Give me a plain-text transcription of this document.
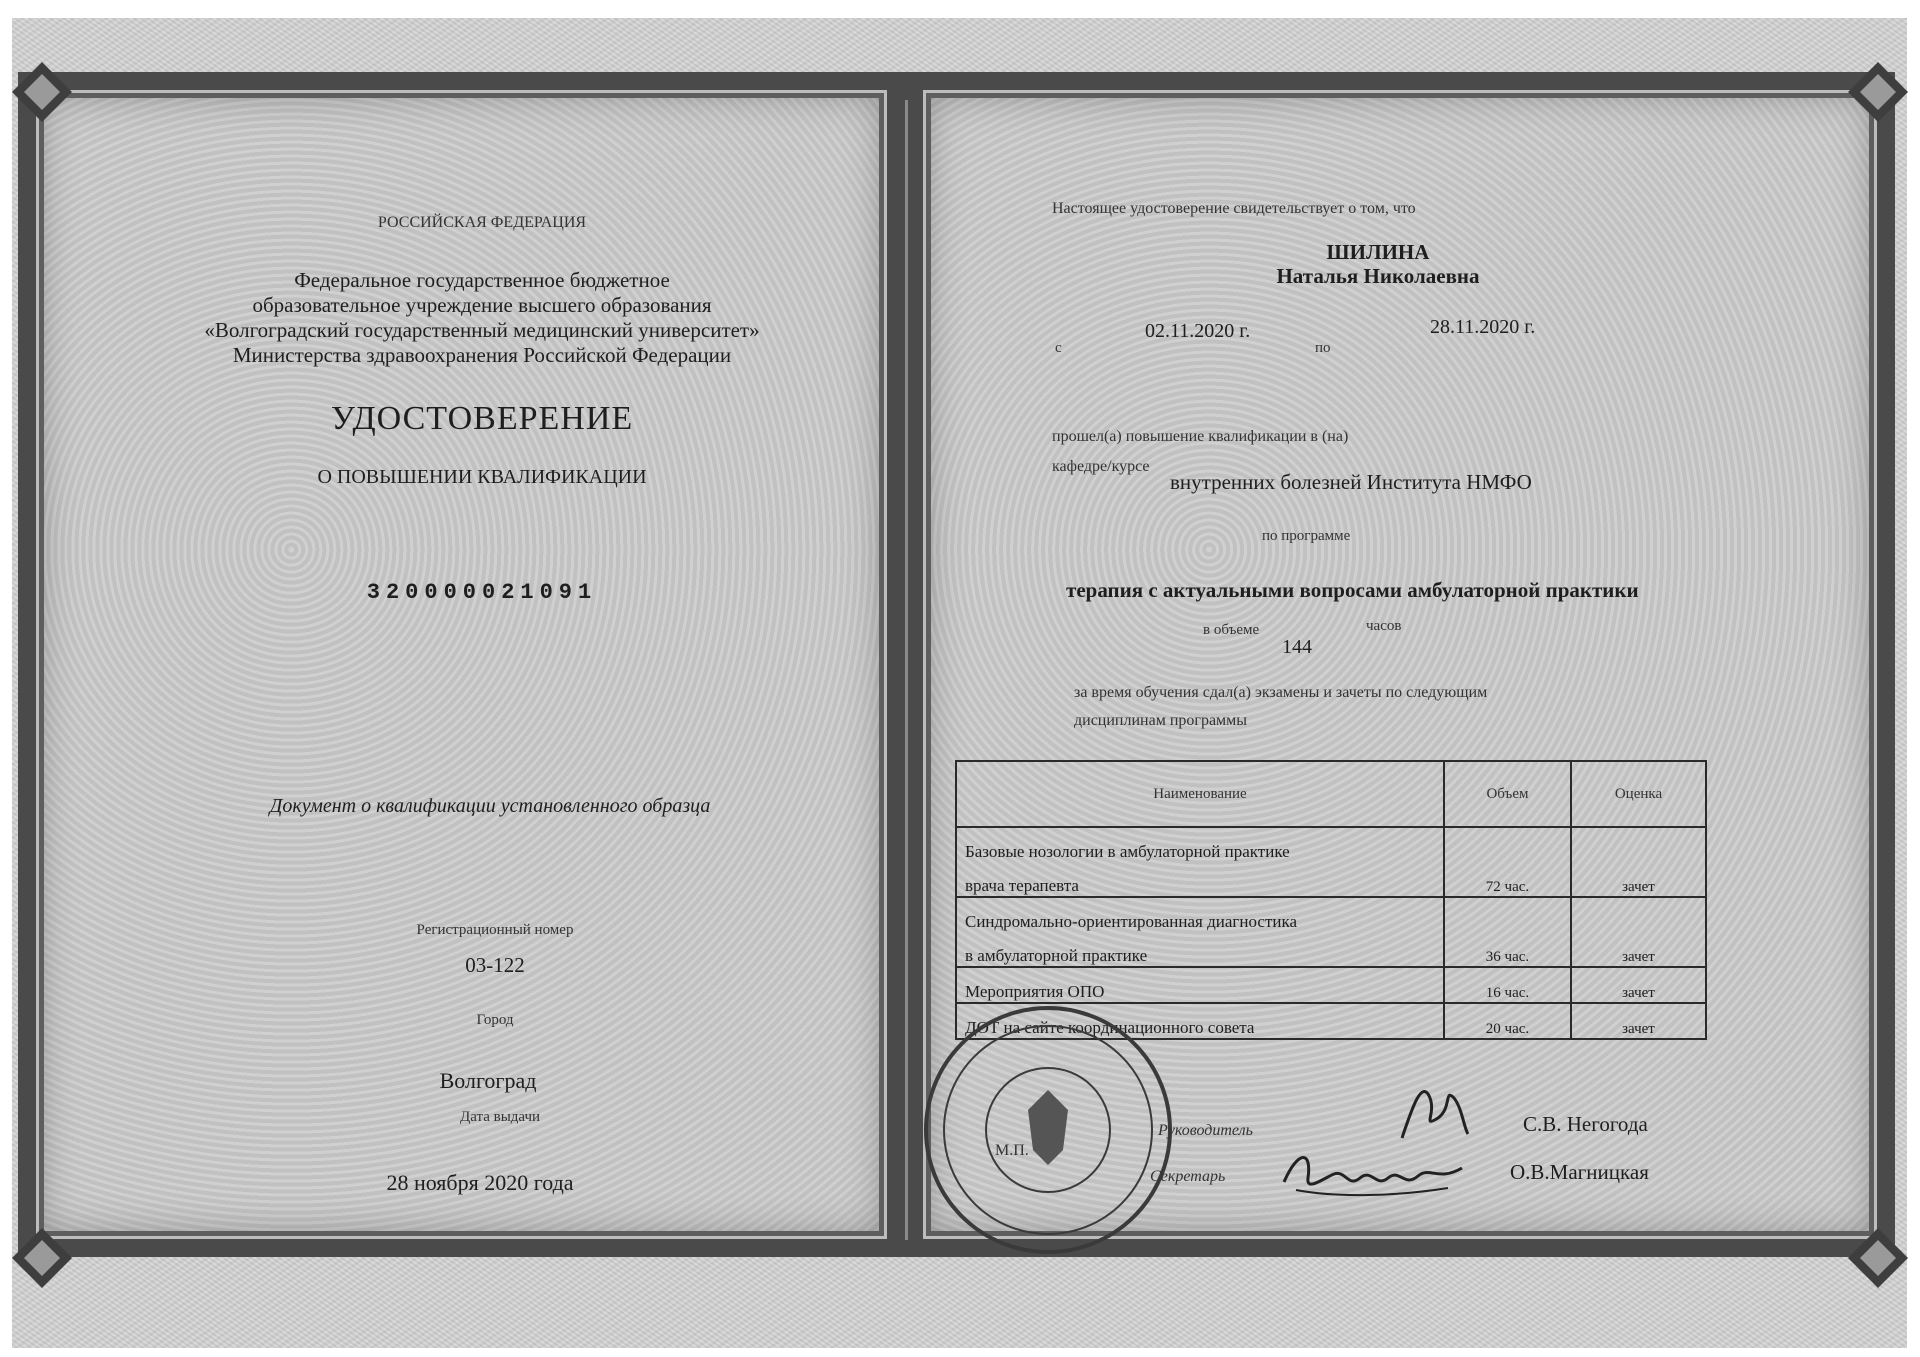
РОССИЙСКАЯ ФЕДЕРАЦИЯ
Федеральное государственное бюджетное
образовательное учреждение высшего образования
«Волгоградский государственный медицинский университет»
Министерства здравоохранения Российской Федерации
УДОСТОВЕРЕНИЕ
О ПОВЫШЕНИИ КВАЛИФИКАЦИИ
320000021091
Документ о квалификации установленного образца
Регистрационный номер
03-122
Город
Волгоград
Дата выдачи
28 ноября 2020 года
Настоящее удостоверение свидетельствует о том, что
ШИЛИНА
Наталья Николаевна
с
02.11.2020 г.
по
28.11.2020 г.
прошел(а) повышение квалификации в (на)
кафедре/курсе
внутренних болезней Института НМФО
по программе
терапия с актуальными вопросами амбулаторной практики
в объеме
144
часов
за время обучения сдал(а) экзамены и зачеты по следующим
дисциплинам программы
Наименование	Объем	Оценка
Базовые нозологии в амбулаторной практике		
врача терапевта	72 час.	зачет
Синдромально-ориентированная диагностика		
в амбулаторной практике	36 час.	зачет
Мероприятия ОПО	16 час.	зачет
ДОТ на сайте координационного совета	20 час.	зачет
М.П.
Руководитель	С.В. Негогода
Секретарь	О.В.Магницкая
